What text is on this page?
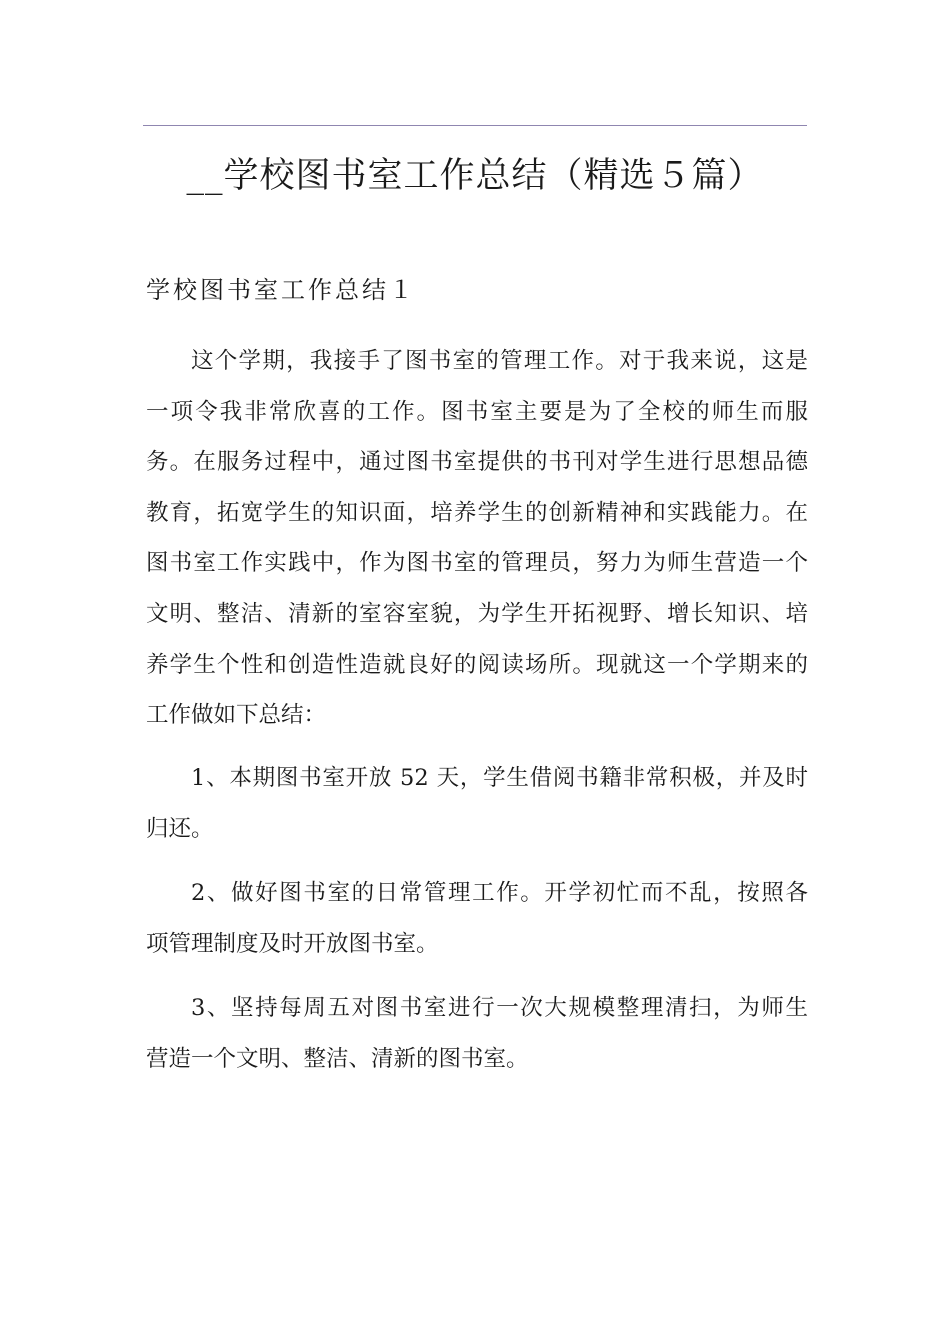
__学校图书室工作总结（精选５篇）
学校图书室工作总结１
这个学期，我接手了图书室的管理工作。对于我来说，这是
一项令我非常欣喜的工作。图书室主要是为了全校的师生而服
务。在服务过程中，通过图书室提供的书刊对学生进行思想品德
教育，拓宽学生的知识面，培养学生的创新精神和实践能力。在
图书室工作实践中，作为图书室的管理员，努力为师生营造一个
文明、整洁、清新的室容室貌，为学生开拓视野、增长知识、培
养学生个性和创造性造就良好的阅读场所。现就这一个学期来的
工作做如下总结：
1、本期图书室开放 52 天，学生借阅书籍非常积极，并及时
归还。
2、做好图书室的日常管理工作。开学初忙而不乱，按照各
项管理制度及时开放图书室。
3、坚持每周五对图书室进行一次大规模整理清扫，为师生
营造一个文明、整洁、清新的图书室。
